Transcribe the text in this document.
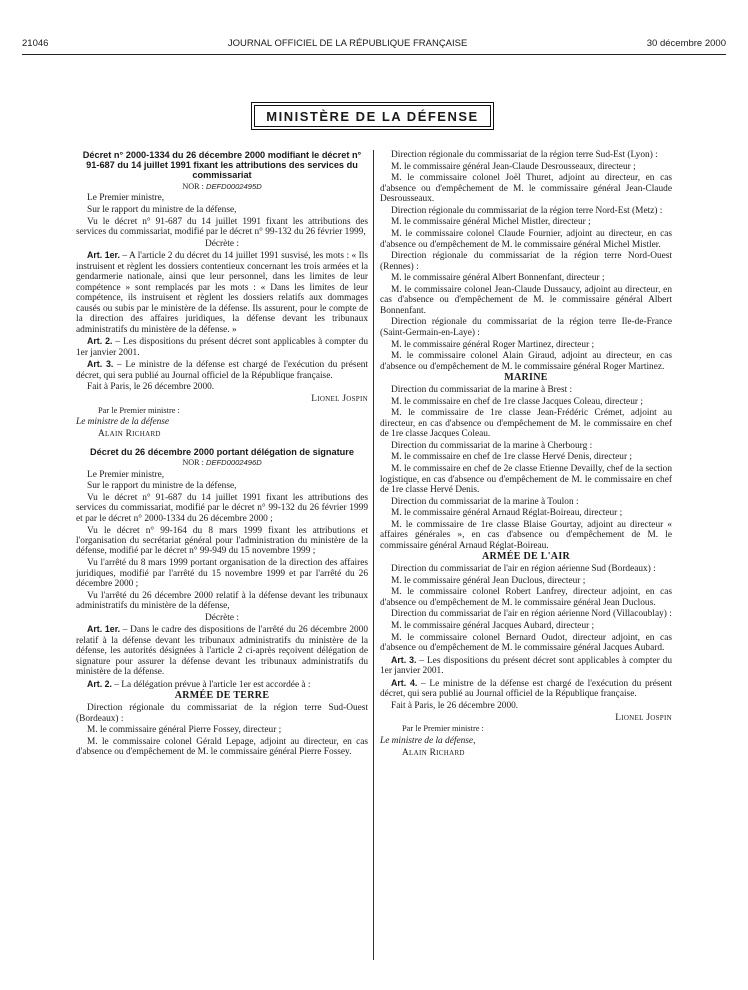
21046	JOURNAL OFFICIEL DE LA RÉPUBLIQUE FRANÇAISE	30 décembre 2000
MINISTÈRE DE LA DÉFENSE

Décret n° 2000-1334 du 26 décembre 2000 modifiant le décret n° 91-687 du 14 juillet 1991 fixant les attributions des services du commissariat

NOR : DEFD0002495D

Le Premier ministre,

Sur le rapport du ministre de la défense,

Vu le décret n° 91-687 du 14 juillet 1991 fixant les attributions des services du commissariat, modifié par le décret n° 99-132 du 26 février 1999,

Décrète :

Art. 1er. – A l'article 2 du décret du 14 juillet 1991 susvisé, les mots : « Ils instruisent et règlent les dossiers contentieux concernant les trois armées et la gendarmerie nationale, ainsi que leur personnel, dans les limites de leur compétence » sont remplacés par les mots : « Dans les limites de leur compétence, ils instruisent et règlent les dossiers relatifs aux dommages causés ou subis par le ministère de la défense. Ils assurent, pour le compte de la direction des affaires juridiques, la défense devant les tribunaux administratifs du ministère de la défense. »

Art. 2. – Les dispositions du présent décret sont applicables à compter du 1er janvier 2001.

Art. 3. – Le ministre de la défense est chargé de l'exécution du présent décret, qui sera publié au Journal officiel de la République française.

Fait à Paris, le 26 décembre 2000.

Lionel Jospin

Par le Premier ministre :

Le ministre de la défense

Alain Richard

Décret du 26 décembre 2000 portant délégation de signature

NOR : DEFD0002496D

Le Premier ministre,

Sur le rapport du ministre de la défense,

Vu le décret n° 91-687 du 14 juillet 1991 fixant les attributions des services du commissariat, modifié par le décret n° 99-132 du 26 février 1999 et par le décret n° 2000-1334 du 26 décembre 2000 ;

Vu le décret n° 99-164 du 8 mars 1999 fixant les attributions et l'organisation du secrétariat général pour l'administration du ministère de la défense, modifié par le décret n° 99-949 du 15 novembre 1999 ;

Vu l'arrêté du 8 mars 1999 portant organisation de la direction des affaires juridiques, modifié par l'arrêté du 15 novembre 1999 et par l'arrêté du 26 décembre 2000 ;

Vu l'arrêté du 26 décembre 2000 relatif à la défense devant les tribunaux administratifs du ministère de la défense,

Décrète :

Art. 1er. – Dans le cadre des dispositions de l'arrêté du 26 décembre 2000 relatif à la défense devant les tribunaux administratifs du ministère de la défense, les autorités désignées à l'article 2 ci-après reçoivent délégation de signature pour assurer la défense devant les tribunaux administratifs du ministère de la défense.

Art. 2. – La délégation prévue à l'article 1er est accordée à :

ARMÉE DE TERRE

Direction régionale du commissariat de la région terre Sud-Ouest (Bordeaux) :

M. le commissaire général Pierre Fossey, directeur ;

M. le commissaire colonel Gérald Lepage, adjoint au directeur, en cas d'absence ou d'empêchement de M. le commissaire général Pierre Fossey.

Direction régionale du commissariat de la région terre Sud-Est (Lyon) :

M. le commissaire général Jean-Claude Desrousseaux, directeur ;

M. le commissaire colonel Joël Thuret, adjoint au directeur, en cas d'absence ou d'empêchement de M. le commissaire général Jean-Claude Desrousseaux.

Direction régionale du commissariat de la région terre Nord-Est (Metz) :

M. le commissaire général Michel Mistler, directeur ;

M. le commissaire colonel Claude Fournier, adjoint au directeur, en cas d'absence ou d'empêchement de M. le commissaire général Michel Mistler.

Direction régionale du commissariat de la région terre Nord-Ouest (Rennes) :

M. le commissaire général Albert Bonnenfant, directeur ;

M. le commissaire colonel Jean-Claude Dussaucy, adjoint au directeur, en cas d'absence ou d'empêchement de M. le commissaire général Albert Bonnenfant.

Direction régionale du commissariat de la région terre Ile-de-France (Saint-Germain-en-Laye) :

M. le commissaire général Roger Martinez, directeur ;

M. le commissaire colonel Alain Giraud, adjoint au directeur, en cas d'absence ou d'empêchement de M. le commissaire général Roger Martinez.

MARINE

Direction du commissariat de la marine à Brest :

M. le commissaire en chef de 1re classe Jacques Coleau, directeur ;

M. le commissaire de 1re classe Jean-Frédéric Crémet, adjoint au directeur, en cas d'absence ou d'empêchement de M. le commissaire en chef de 1re classe Jacques Coleau.

Direction du commissariat de la marine à Cherbourg :

M. le commissaire en chef de 1re classe Hervé Denis, directeur ;

M. le commissaire en chef de 2e classe Etienne Devailly, chef de la section logistique, en cas d'absence ou d'empêchement de M. le commissaire en chef de 1re classe Hervé Denis.

Direction du commissariat de la marine à Toulon :

M. le commissaire général Arnaud Réglat-Boireau, directeur ;

M. le commissaire de 1re classe Blaise Gourtay, adjoint au directeur « affaires générales », en cas d'absence ou d'empêchement de M. le commissaire général Arnaud Réglat-Boireau.

ARMÉE DE L'AIR

Direction du commissariat de l'air en région aérienne Sud (Bordeaux) :

M. le commissaire général Jean Duclous, directeur ;

M. le commissaire colonel Robert Lanfrey, directeur adjoint, en cas d'absence ou d'empêchement de M. le commissaire général Jean Duclous.

Direction du commissariat de l'air en région aérienne Nord (Villacoublay) :

M. le commissaire général Jacques Aubard, directeur ;

M. le commissaire colonel Bernard Oudot, directeur adjoint, en cas d'absence ou d'empêchement de M. le commissaire général Jacques Aubard.

Art. 3. – Les dispositions du présent décret sont applicables à compter du 1er janvier 2001.

Art. 4. – Le ministre de la défense est chargé de l'exécution du présent décret, qui sera publié au Journal officiel de la République française.

Fait à Paris, le 26 décembre 2000.

Lionel Jospin

Par le Premier ministre :

Le ministre de la défense,

Alain Richard
